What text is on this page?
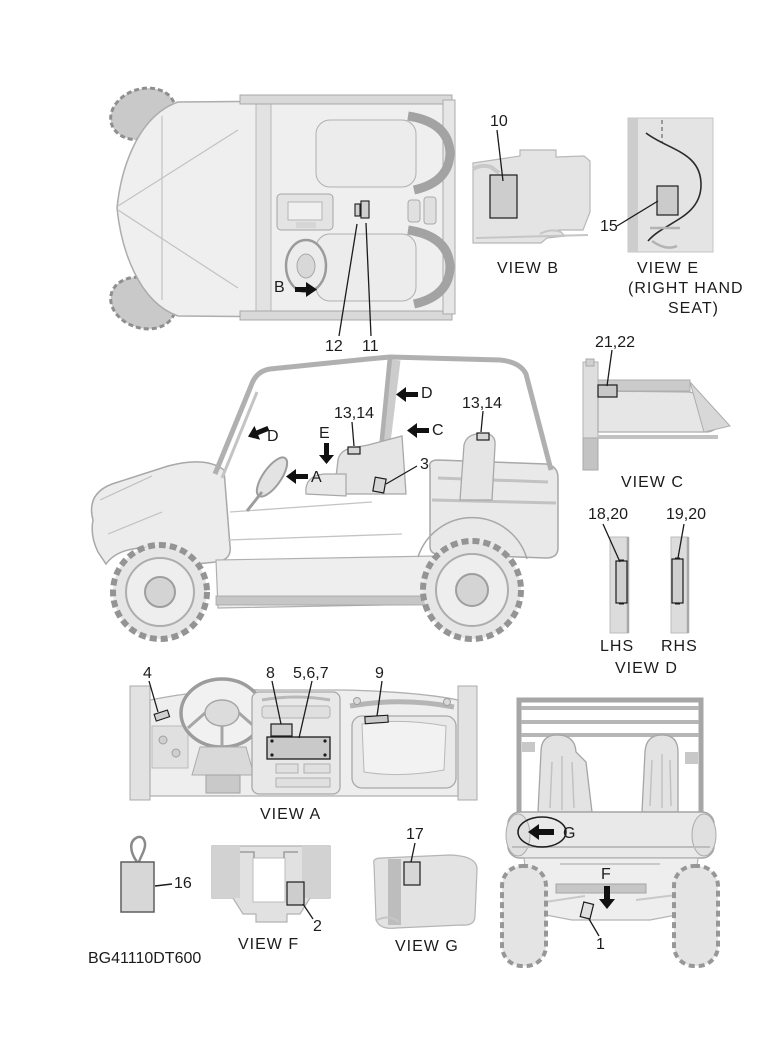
B
12 11
10
VIEW B
15
VIEW E
(RIGHT HAND
SEAT)
D
13,14
13,14
E	C
D
A
3
21,22
VIEW C
18,20 19,20
LHS RHS
VIEW D
4	8 5,6,7	9
VIEW A
16
2
VIEW F
17
VIEW G
G
F
1
BG41110DT600
